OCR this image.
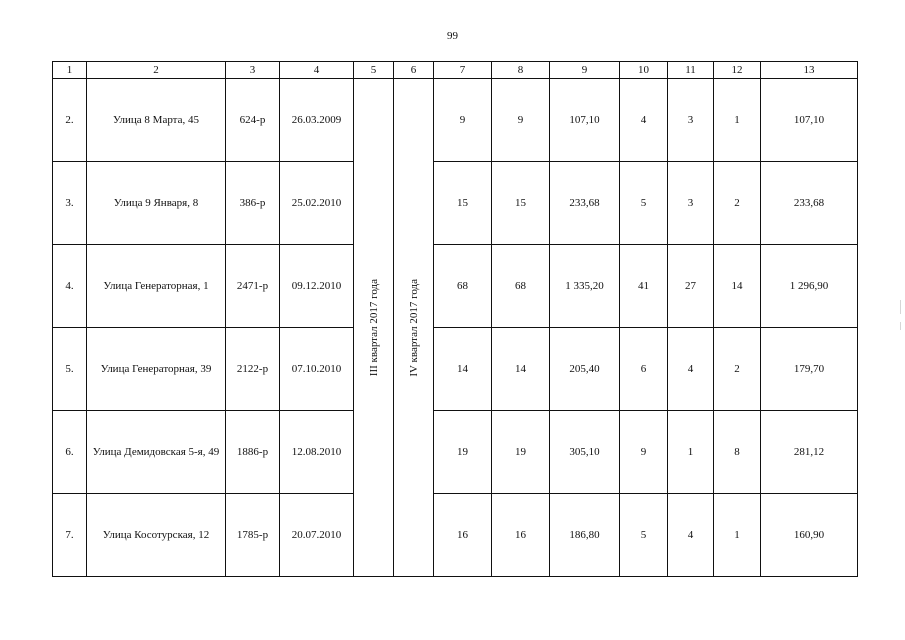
99
1	2	3	4	5	6	7	8	9	10	11	12	13
2.	Улица 8 Марта, 45	624-р	26.03.2009	III квартал 2017 года	IV квартал 2017 года	9	9	107,10	4	3	1	107,10
3.	Улица 9 Января, 8	386-р	25.02.2010			15	15	233,68	5	3	2	233,68
4.	Улица Генераторная, 1	2471-р	09.12.2010			68	68	1 335,20	41	27	14	1 296,90
5.	Улица Генераторная, 39	2122-р	07.10.2010			14	14	205,40	6	4	2	179,70
6.	Улица Демидовская 5-я, 49	1886-р	12.08.2010			19	19	305,10	9	1	8	281,12
7.	Улица Косотурская, 12	1785-р	20.07.2010			16	16	186,80	5	4	1	160,90
